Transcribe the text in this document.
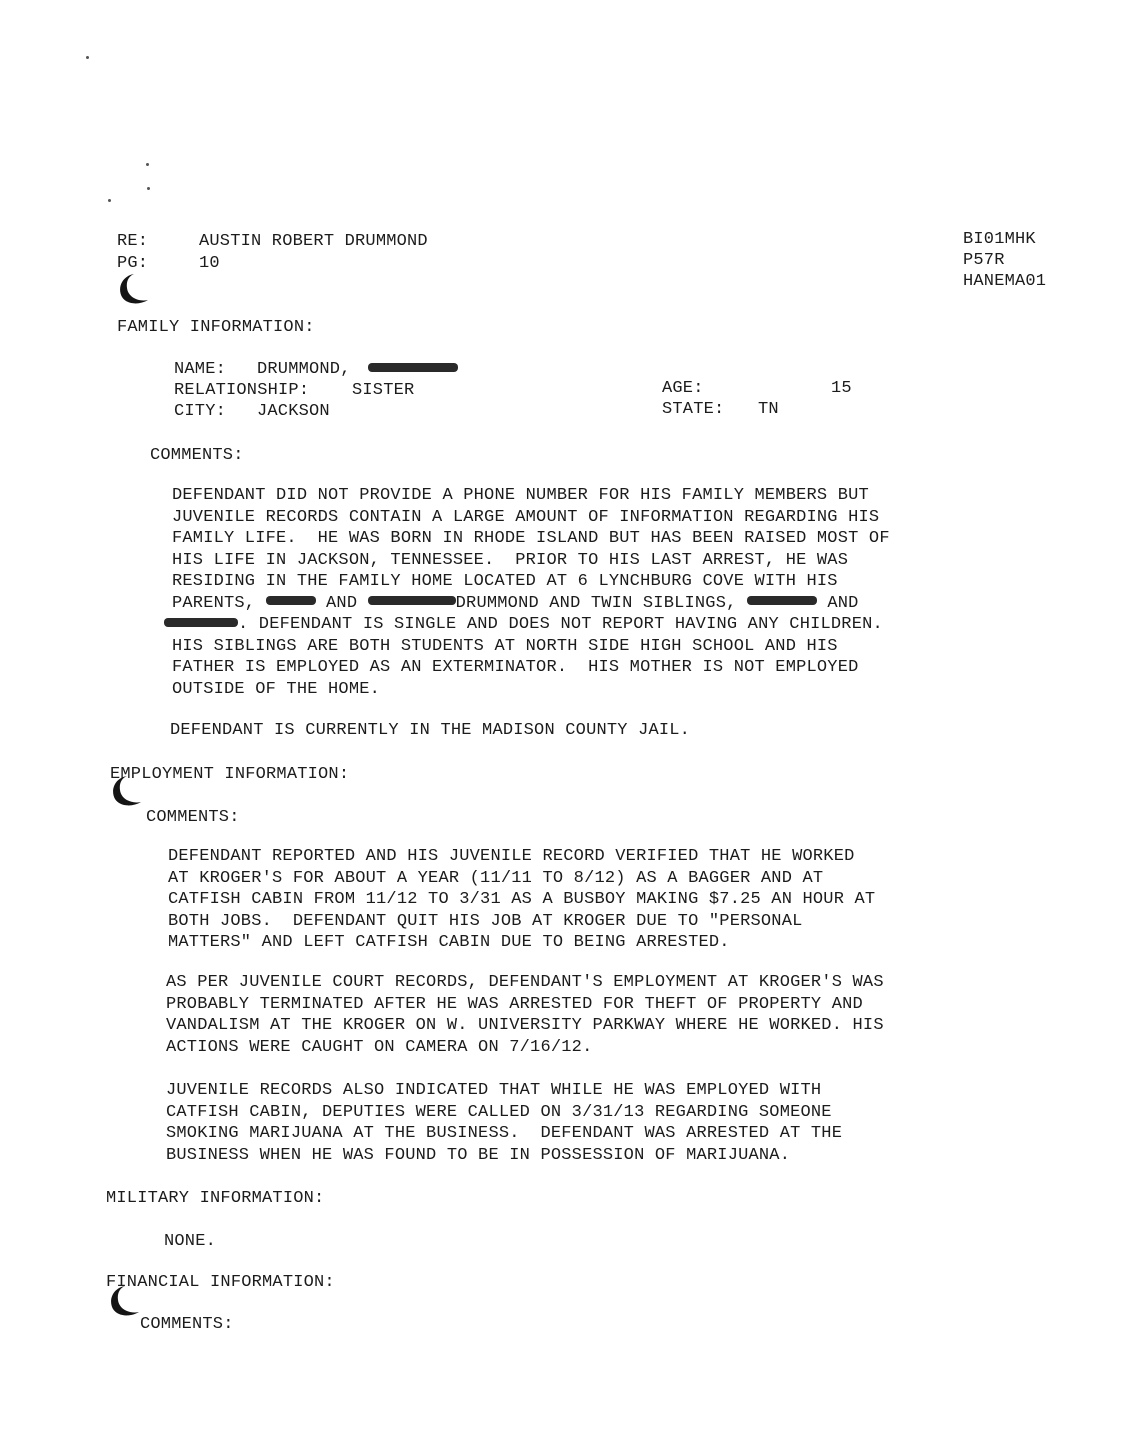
RE:	AUSTIN ROBERT DRUMMOND
PG:	10
BI01MHK
P57R
HANEMA01
FAMILY INFORMATION:
NAME: DRUMMOND,
RELATIONSHIP:	SISTER
CITY: JACKSON
AGE:	15
STATE: TN
COMMENTS:
DEFENDANT DID NOT PROVIDE A PHONE NUMBER FOR HIS FAMILY MEMBERS BUT
JUVENILE RECORDS CONTAIN A LARGE AMOUNT OF INFORMATION REGARDING HIS
FAMILY LIFE.  HE WAS BORN IN RHODE ISLAND BUT HAS BEEN RAISED MOST OF
HIS LIFE IN JACKSON, TENNESSEE.  PRIOR TO HIS LAST ARREST, HE WAS
RESIDING IN THE FAMILY HOME LOCATED AT 6 LYNCHBURG COVE WITH HIS
PARENTS,	AND	DRUMMOND AND TWIN SIBLINGS,	AND
. DEFENDANT IS SINGLE AND DOES NOT REPORT HAVING ANY CHILDREN.
HIS SIBLINGS ARE BOTH STUDENTS AT NORTH SIDE HIGH SCHOOL AND HIS
FATHER IS EMPLOYED AS AN EXTERMINATOR.  HIS MOTHER IS NOT EMPLOYED
OUTSIDE OF THE HOME.
DEFENDANT IS CURRENTLY IN THE MADISON COUNTY JAIL.
EMPLOYMENT INFORMATION:
COMMENTS:
DEFENDANT REPORTED AND HIS JUVENILE RECORD VERIFIED THAT HE WORKED
AT KROGER'S FOR ABOUT A YEAR (11/11 TO 8/12) AS A BAGGER AND AT
CATFISH CABIN FROM 11/12 TO 3/31 AS A BUSBOY MAKING $7.25 AN HOUR AT
BOTH JOBS.  DEFENDANT QUIT HIS JOB AT KROGER DUE TO "PERSONAL
MATTERS" AND LEFT CATFISH CABIN DUE TO BEING ARRESTED.
AS PER JUVENILE COURT RECORDS, DEFENDANT'S EMPLOYMENT AT KROGER'S WAS
PROBABLY TERMINATED AFTER HE WAS ARRESTED FOR THEFT OF PROPERTY AND
VANDALISM AT THE KROGER ON W. UNIVERSITY PARKWAY WHERE HE WORKED. HIS
ACTIONS WERE CAUGHT ON CAMERA ON 7/16/12.
JUVENILE RECORDS ALSO INDICATED THAT WHILE HE WAS EMPLOYED WITH
CATFISH CABIN, DEPUTIES WERE CALLED ON 3/31/13 REGARDING SOMEONE
SMOKING MARIJUANA AT THE BUSINESS.  DEFENDANT WAS ARRESTED AT THE
BUSINESS WHEN HE WAS FOUND TO BE IN POSSESSION OF MARIJUANA.
MILITARY INFORMATION:
NONE.
FINANCIAL INFORMATION:
COMMENTS:
